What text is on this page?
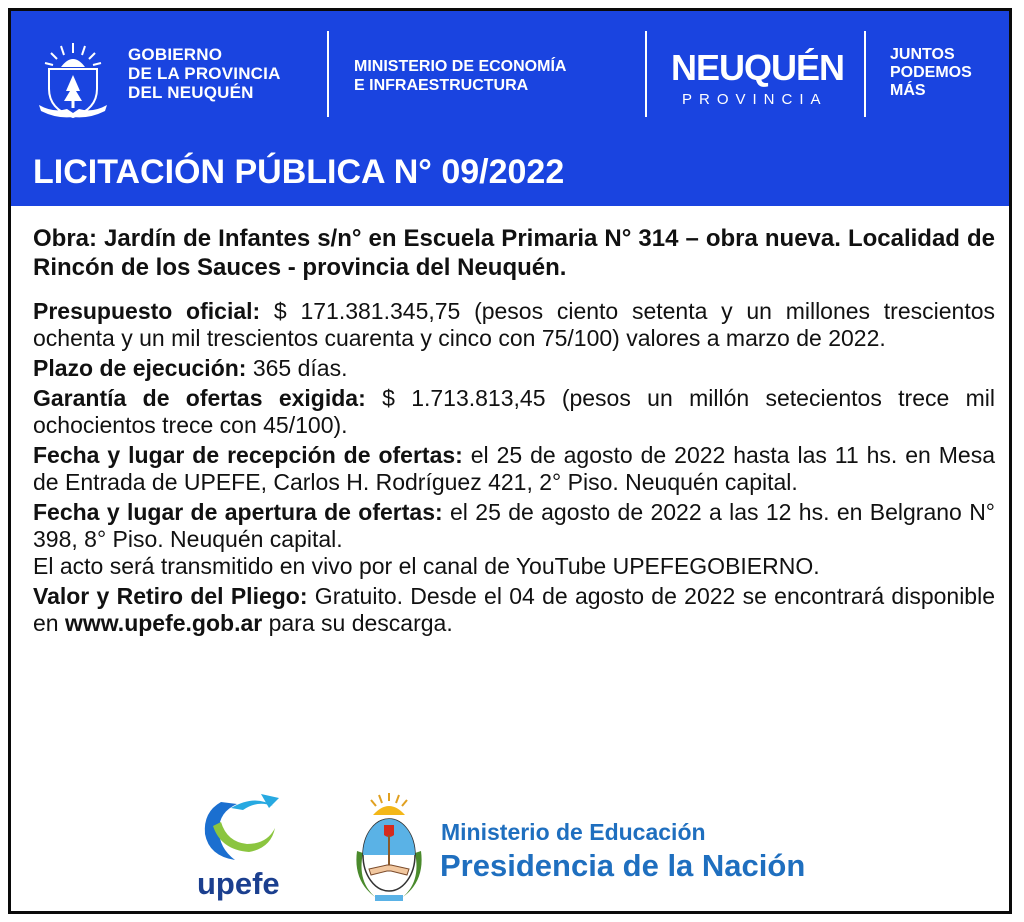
GOBIERNO
DE LA PROVINCIA
DEL NEUQUÉN
MINISTERIO DE ECONOMÍA
E INFRAESTRUCTURA	NEUQUÉN
PROVINCIA
JUNTOS
PODEMOS
MÁS
LICITACIÓN PÚBLICA N° 09/2022

Obra: Jardín de Infantes s/n° en Escuela Primaria N° 314 – obra nueva. Localidad de Rincón de los Sauces - provincia del Neuquén.

Presupuesto oficial: $ 171.381.345,75 (pesos ciento setenta y un millones trescientos ochenta y un mil trescientos cuarenta y cinco con 75/100) valores a marzo de 2022.

Plazo de ejecución: 365 días.

Garantía de ofertas exigida: $ 1.713.813,45 (pesos un millón setecientos trece mil ochocientos trece con 45/100).

Fecha y lugar de recepción de ofertas: el 25 de agosto de 2022 hasta las 11 hs. en Mesa de Entrada de UPEFE, Carlos H. Rodríguez 421, 2° Piso. Neuquén capital.

Fecha y lugar de apertura de ofertas: el 25 de agosto de 2022 a las 12 hs. en Belgrano N° 398, 8° Piso. Neuquén capital.

El acto será transmitido en vivo por el canal de YouTube UPEFEGOBIERNO.

Valor y Retiro del Pliego: Gratuito. Desde el 04 de agosto de 2022 se encontrará disponible en www.upefe.gob.ar para su descarga.

upefe
Ministerio de Educación
Presidencia de la Nación
